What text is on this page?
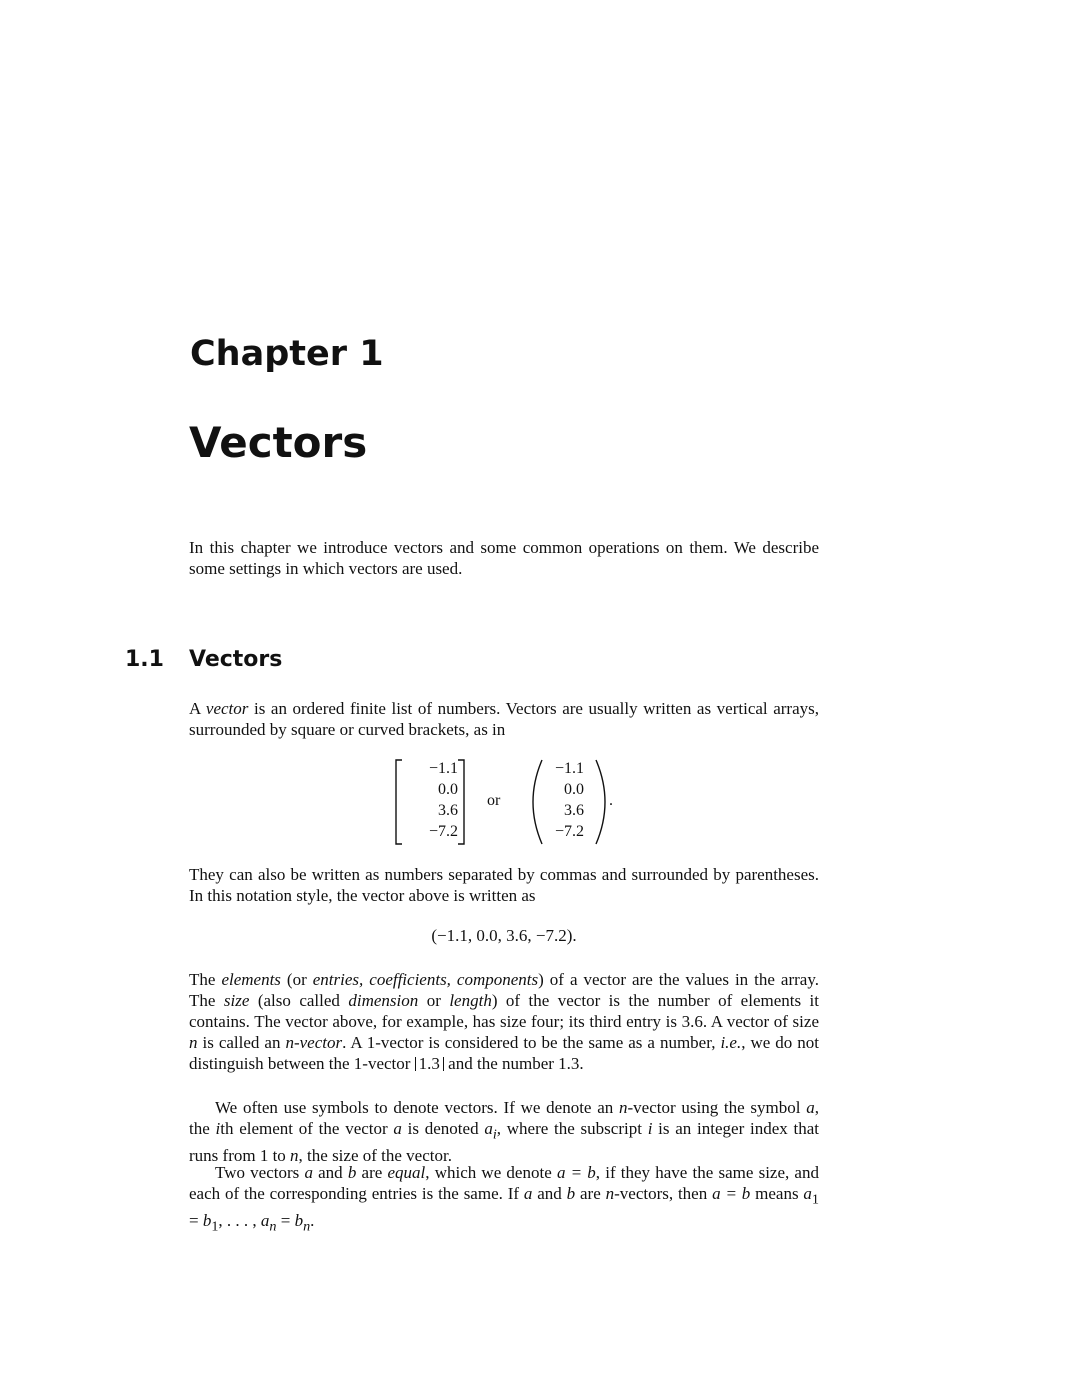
Chapter 1
Vectors

In this chapter we introduce vectors and some common operations on them. We describe some settings in which vectors are used.

1.1 Vectors

A vector is an ordered finite list of numbers. Vectors are usually written as vertical arrays, surrounded by square or curved brackets, as in

−1.1
0.0
3.6
−7.2
or
−1.1
0.0
3.6
−7.2
.

They can also be written as numbers separated by commas and surrounded by parentheses. In this notation style, the vector above is written as

(−1.1, 0.0, 3.6, −7.2).

The elements (or entries, coefficients, components) of a vector are the values in the array. The size (also called dimension or length) of the vector is the number of elements it contains. The vector above, for example, has size four; its third entry is 3.6. A vector of size n is called an n-vector. A 1-vector is considered to be the same as a number, i.e., we do not distinguish between the 1-vector 1.3 and the number 1.3.

We often use symbols to denote vectors. If we denote an n-vector using the symbol a, the ith element of the vector a is denoted $a_i$, where the subscript i is an integer index that runs from 1 to n, the size of the vector.

Two vectors a and b are equal, which we denote a = b, if they have the same size, and each of the corresponding entries is the same. If a and b are n-vectors, then a = b means $a_1 = b_1$, . . . , $a_n = b_n$.
